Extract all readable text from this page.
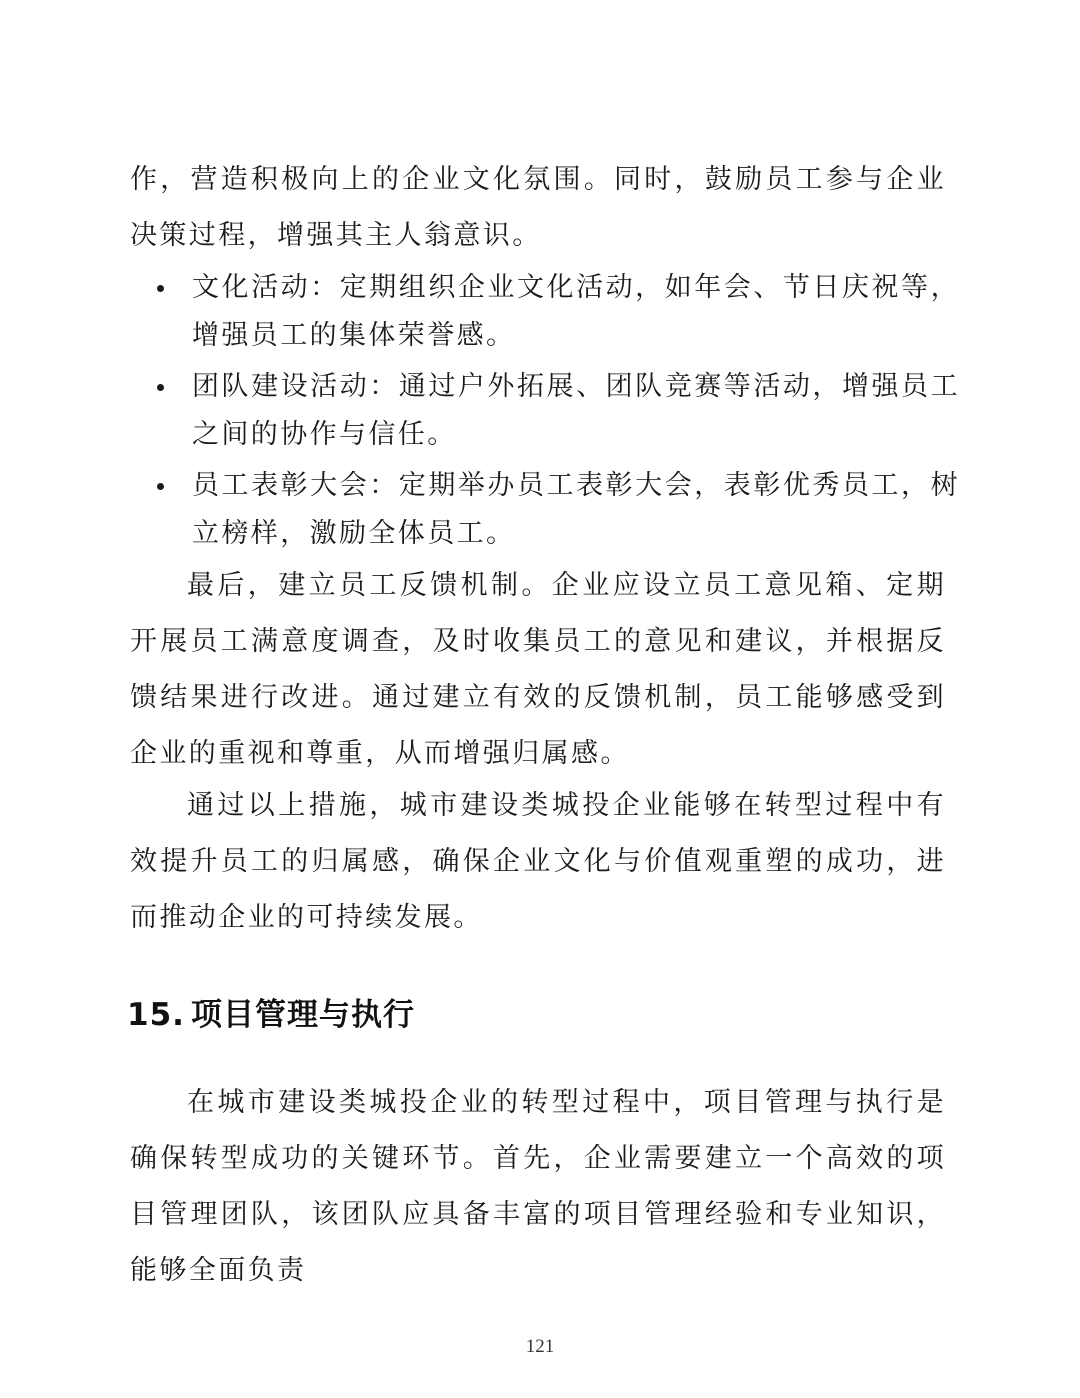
作，营造积极向上的企业文化氛围。同时，鼓励员工参与企业决策过程，增强其主人翁意识。

文化活动：定期组织企业文化活动，如年会、节日庆祝等，增强员工的集体荣誉感。
团队建设活动：通过户外拓展、团队竞赛等活动，增强员工之间的协作与信任。
员工表彰大会：定期举办员工表彰大会，表彰优秀员工，树立榜样，激励全体员工。

最后，建立员工反馈机制。企业应设立员工意见箱、定期开展员工满意度调查，及时收集员工的意见和建议，并根据反馈结果进行改进。通过建立有效的反馈机制，员工能够感受到企业的重视和尊重，从而增强归属感。

通过以上措施，城市建设类城投企业能够在转型过程中有效提升员工的归属感，确保企业文化与价值观重塑的成功，进而推动企业的可持续发展。

15. 项目管理与执行

在城市建设类城投企业的转型过程中，项目管理与执行是确保转型成功的关键环节。首先，企业需要建立一个高效的项目管理团队，该团队应具备丰富的项目管理经验和专业知识，能够全面负责

121
